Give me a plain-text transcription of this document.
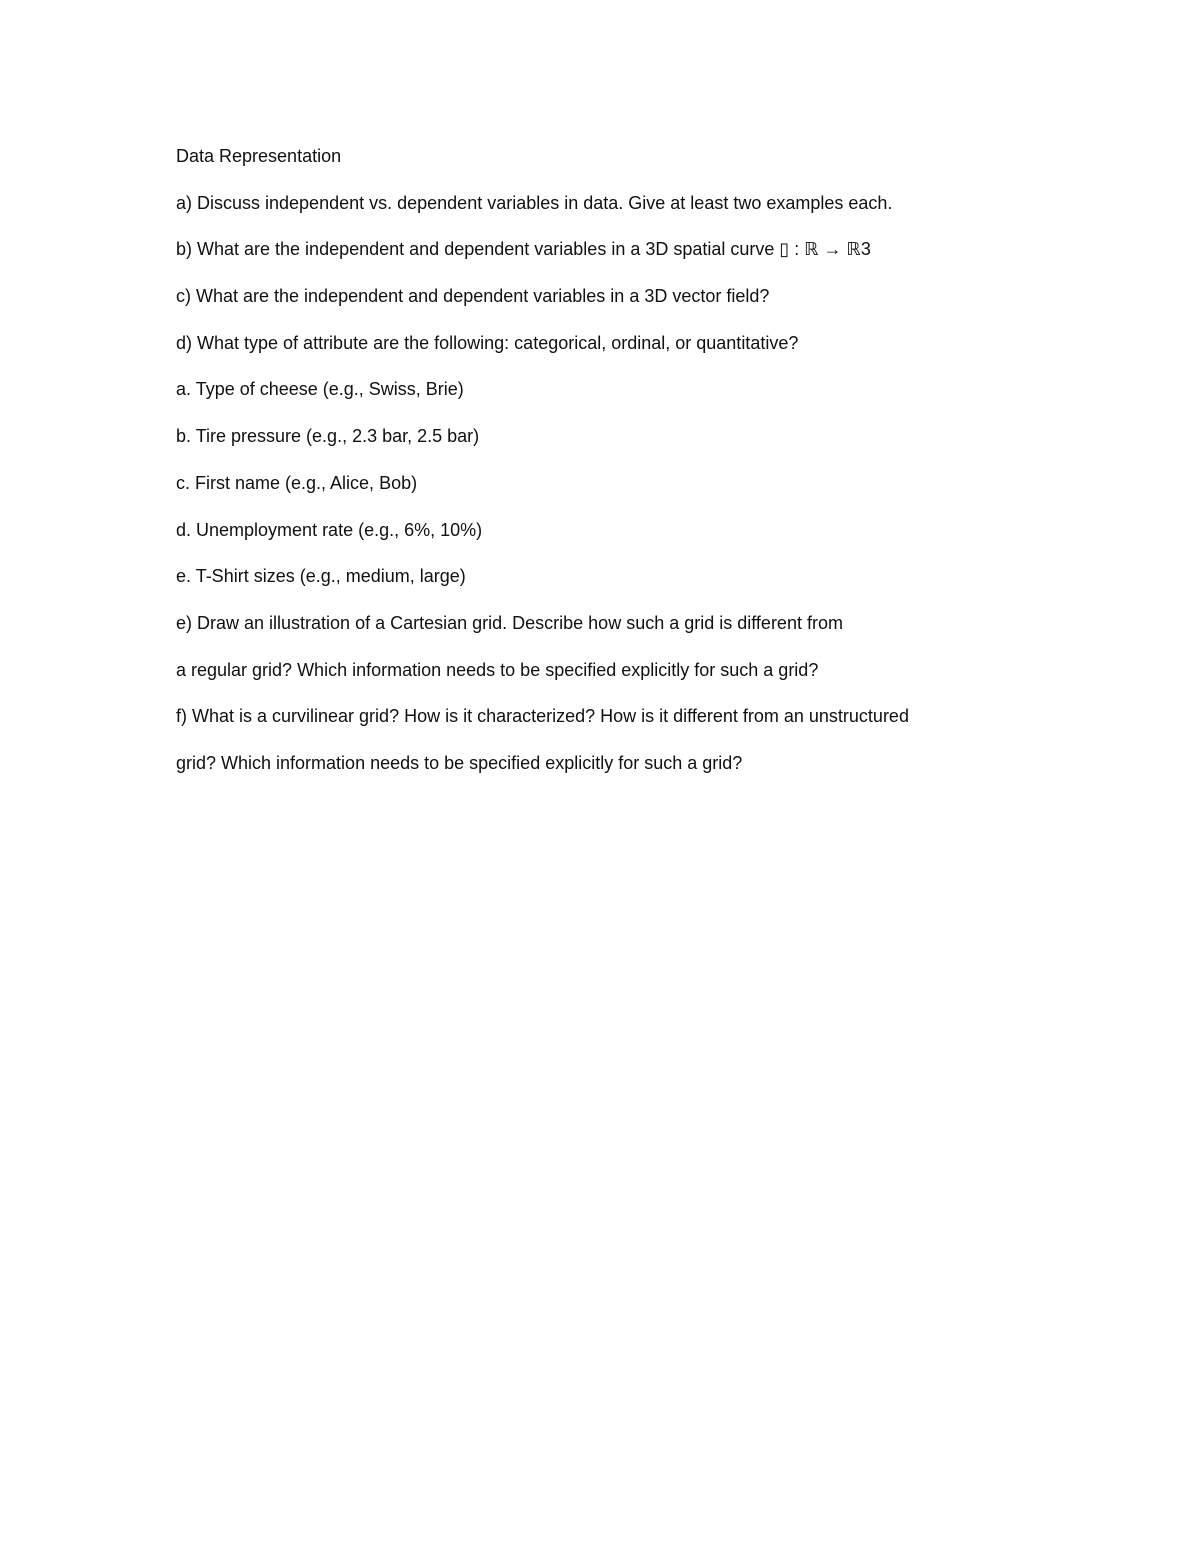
Data Representation
a) Discuss independent vs. dependent variables in data. Give at least two examples each.
b) What are the independent and dependent variables in a 3D spatial curve ▯ : ℝ → ℝ3
c) What are the independent and dependent variables in a 3D vector field?
d) What type of attribute are the following: categorical, ordinal, or quantitative?
a. Type of cheese (e.g., Swiss, Brie)
b. Tire pressure (e.g., 2.3 bar, 2.5 bar)
c. First name (e.g., Alice, Bob)
d. Unemployment rate (e.g., 6%, 10%)
e. T-Shirt sizes (e.g., medium, large)
e) Draw an illustration of a Cartesian grid. Describe how such a grid is different from
a regular grid? Which information needs to be specified explicitly for such a grid?
f) What is a curvilinear grid? How is it characterized? How is it different from an unstructured
grid? Which information needs to be specified explicitly for such a grid?
